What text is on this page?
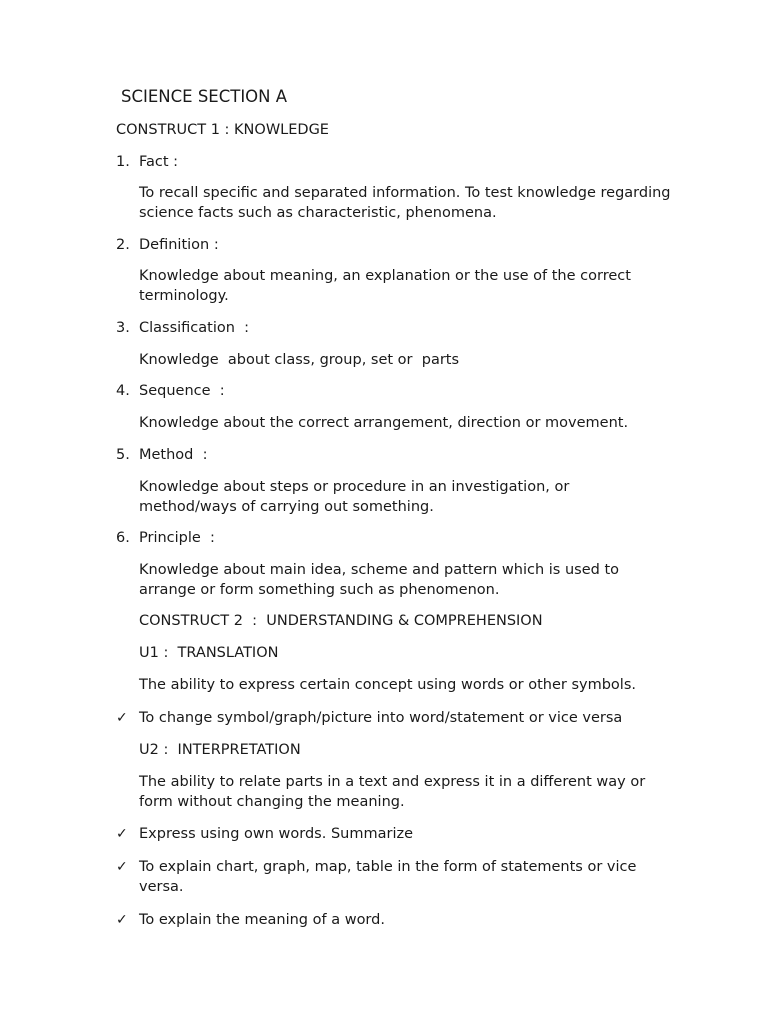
SCIENCE SECTION A

CONSTRUCT 1 : KNOWLEDGE

1. Fact :

To recall specific and separated information. To test knowledge regarding science facts such as characteristic, phenomena.

2. Definition :

Knowledge about meaning, an explanation or the use of the correct terminology.

3. Classification  :

Knowledge  about class, group, set or  parts

4. Sequence  :

Knowledge about the correct arrangement, direction or movement.

5. Method  :

Knowledge about steps or procedure in an investigation, or method/ways of carrying out something.

6. Principle  :

Knowledge about main idea, scheme and pattern which is used to arrange or form something such as phenomenon.

CONSTRUCT 2  :  UNDERSTANDING & COMPREHENSION

U1 :  TRANSLATION

The ability to express certain concept using words or other symbols.

✓ To change symbol/graph/picture into word/statement or vice versa

U2 :  INTERPRETATION

The ability to relate parts in a text and express it in a different way or form without changing the meaning.

✓ Express using own words. Summarize

✓ To explain chart, graph, map, table in the form of statements or vice versa.

✓ To explain the meaning of a word.
